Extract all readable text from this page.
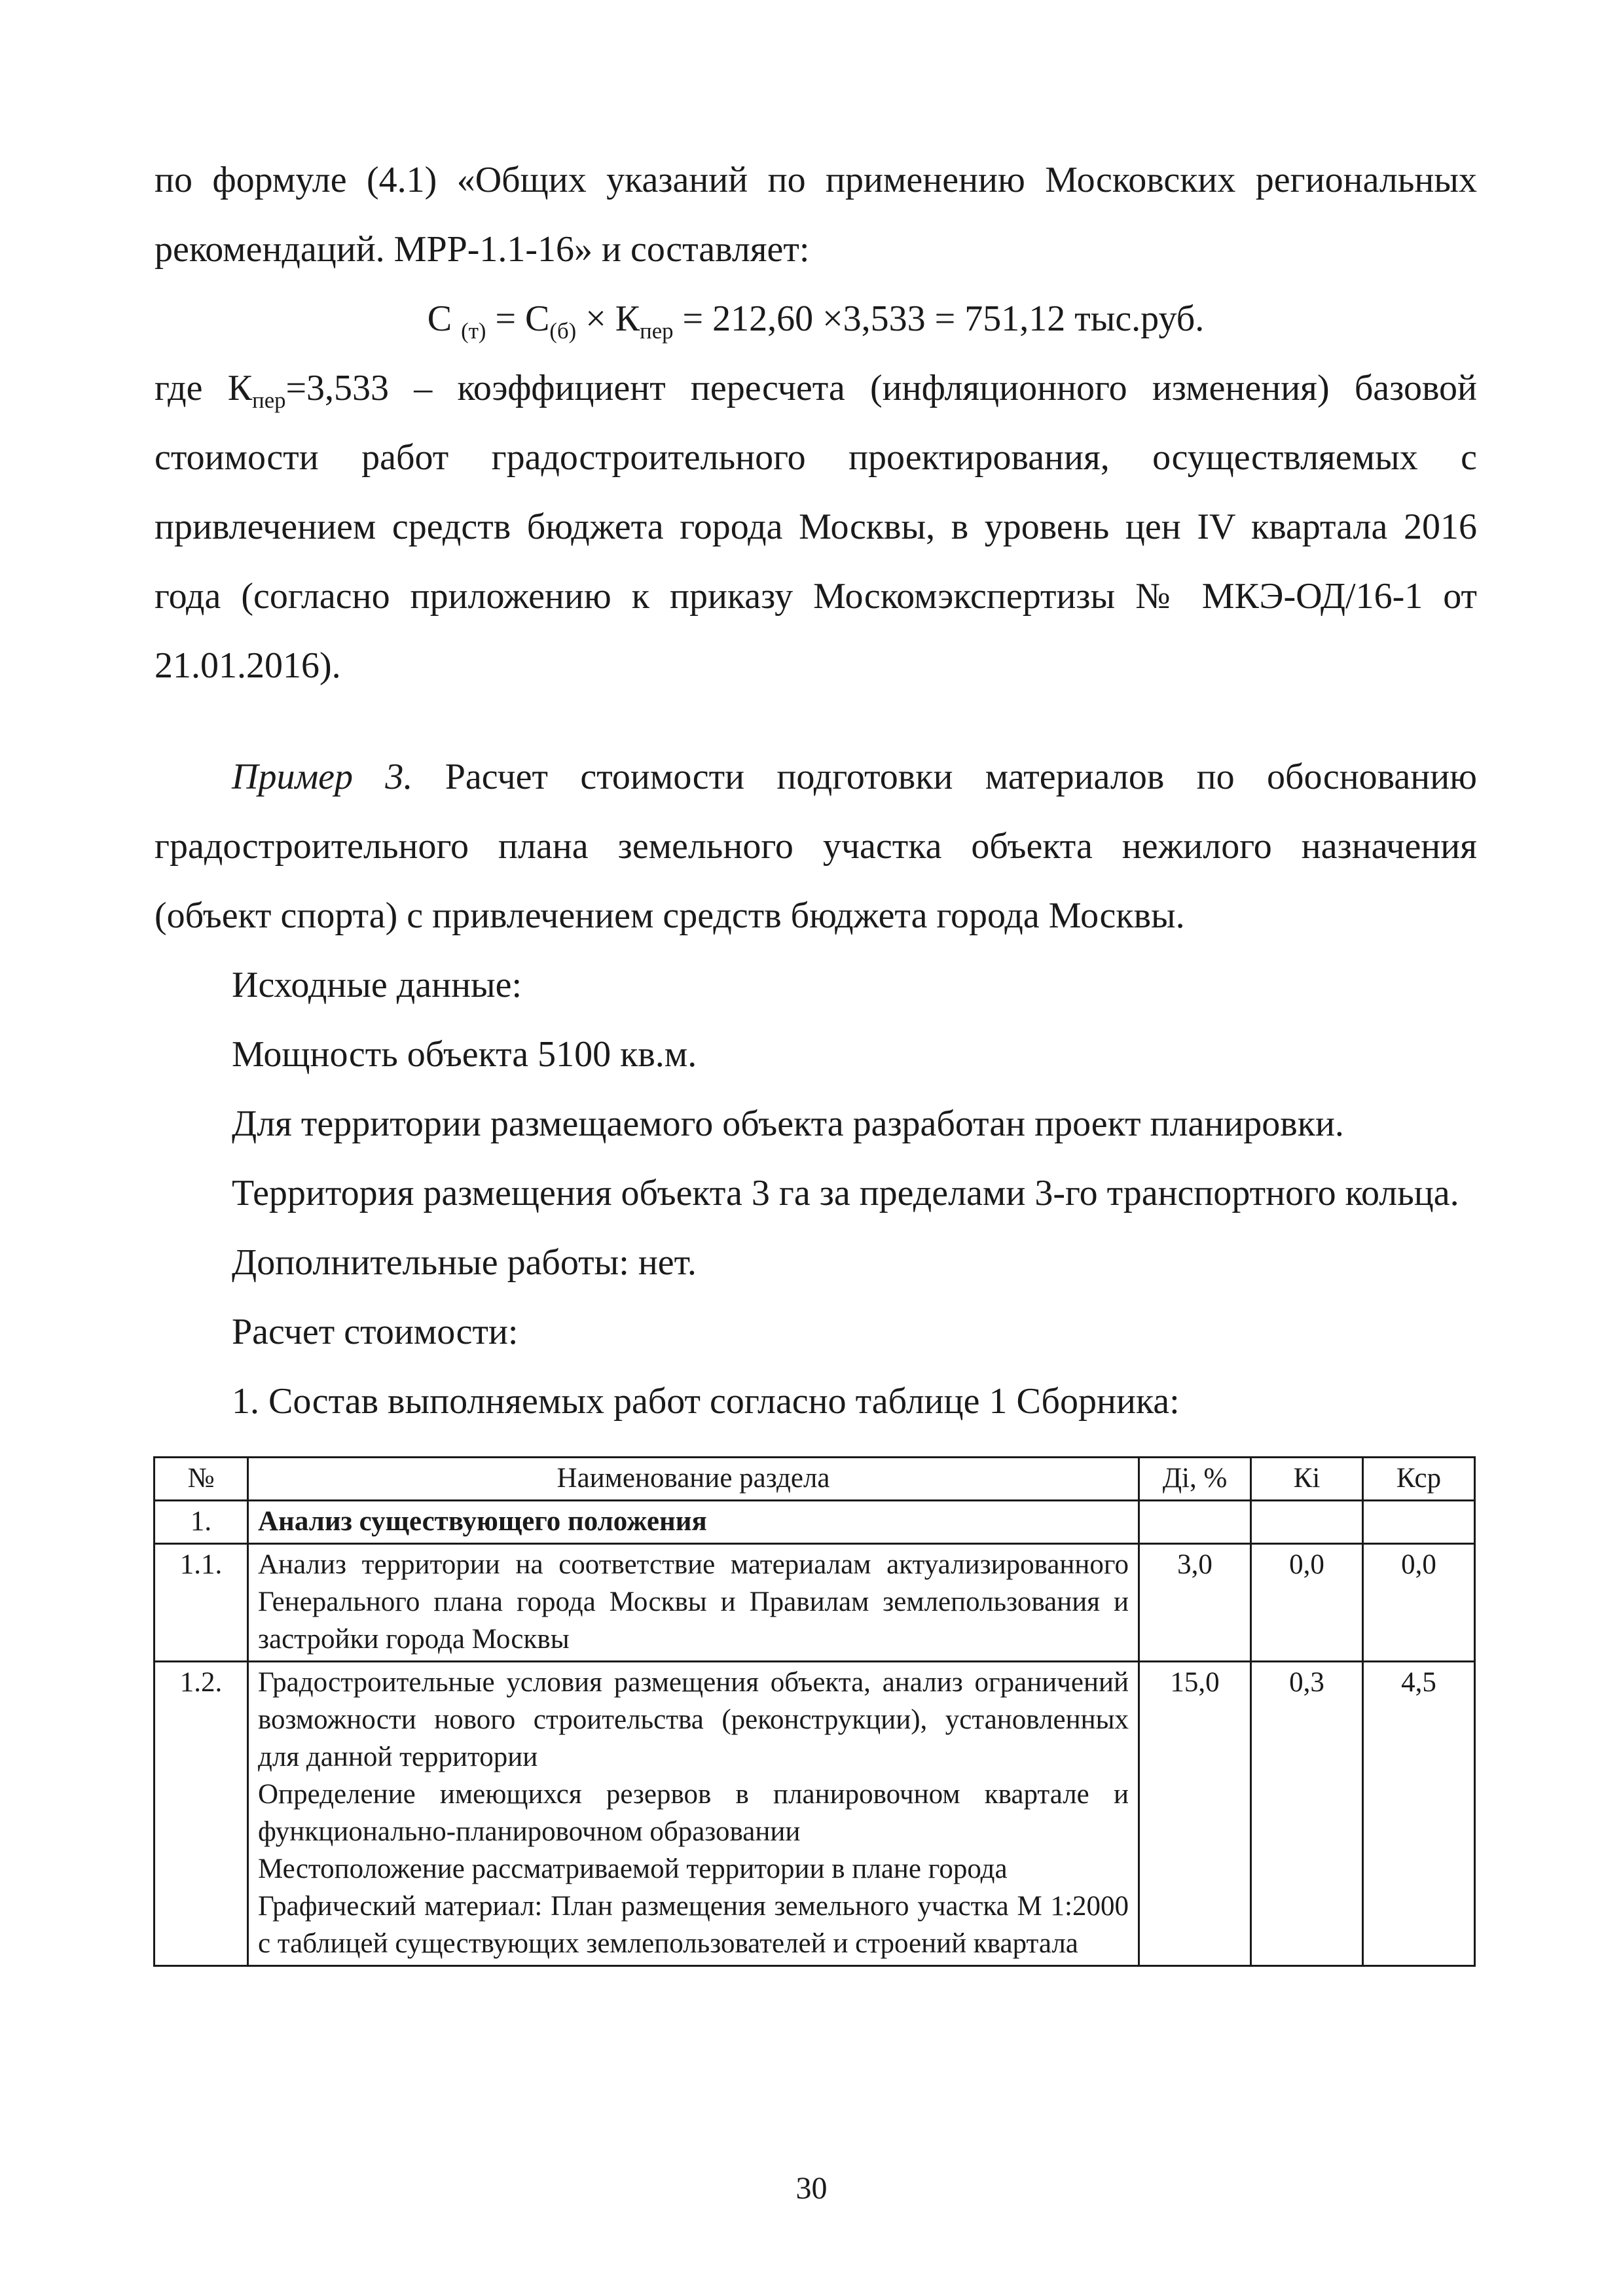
по формуле (4.1) «Общих указаний по применению Московских региональных рекомендаций. МРР-1.1-16» и составляет:

С $_{(т)} = С_{(б)} \times К_{пер} = 212,60 \times 3,533 = 751,12$ тыс.руб.

где $К_{пер}=3,533$ – коэффициент пересчета (инфляционного изменения) базовой стоимости работ градостроительного проектирования, осуществляемых с привлечением средств бюджета города Москвы, в уровень цен IV квартала 2016 года (согласно приложению к приказу Москомэкспертизы № МКЭ-ОД/16-1 от 21.01.2016).

Пример 3. Расчет стоимости подготовки материалов по обоснованию градостроительного плана земельного участка объекта нежилого назначения (объект спорта) с привлечением средств бюджета города Москвы.

Исходные данные:

Мощность объекта 5100 кв.м.

Для территории размещаемого объекта разработан проект планировки.

Территория размещения объекта 3 га за пределами 3-го транспортного кольца.

Дополнительные работы: нет.

Расчет стоимости:

1. Состав выполняемых работ согласно таблице 1 Сборника:

№	Наименование раздела	Дi, %	Кi	Кср
1.	Анализ существующего положения			
1.1.	Анализ территории на соответствие материалам актуализированного Генерального плана города Москвы и Правилам землепользования и застройки города Москвы	3,0	0,0	0,0
1.2.	Градостроительные условия размещения объекта, анализ ограничений возможности нового строительства (реконструкции), установленных для данной территории
Определение имеющихся резервов в планировочном квартале и функционально-планировочном образовании
Местоположение рассматриваемой территории в плане города
Графический материал: План размещения земельного участка М 1:2000 с таблицей существующих землепользователей и строений квартала	15,0	0,3	4,5
30
